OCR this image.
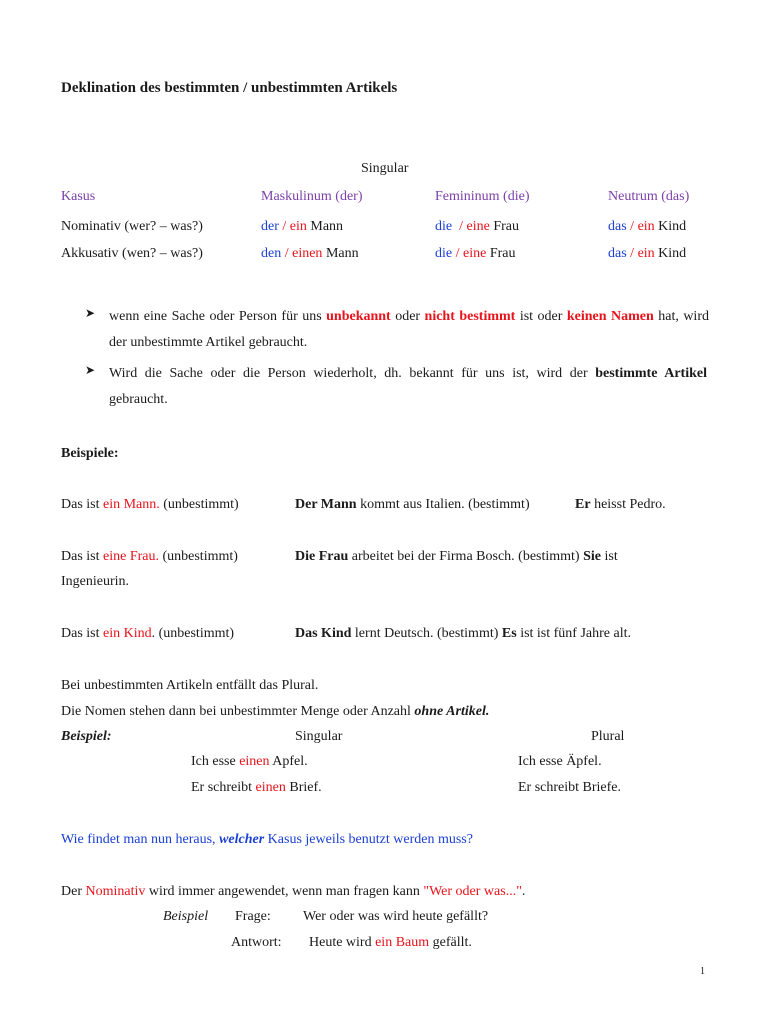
Deklination des bestimmten / unbestimmten Artikels
Singular
Kasus	Maskulinum (der)	Femininum (die)	Neutrum (das)
Nominativ (wer? – was?)	der / ein Mann	die  / eine Frau	das / ein Kind
Akkusativ (wen? – was?)	den / einen Mann	die / eine Frau	das / ein Kind
➤ wenn eine Sache oder Person für uns unbekannt oder nicht bestimmt ist oder keinen Namen hat, wird der unbestimmte Artikel gebraucht.
➤ Wird die Sache oder die Person wiederholt, dh. bekannt für uns ist, wird der bestimmte Artikel gebraucht.
Beispiele:
Das ist ein Mann. (unbestimmt)	Der Mann kommt aus Italien. (bestimmt)	Er heisst Pedro.
Das ist eine Frau. (unbestimmt)	Die Frau arbeitet bei der Firma Bosch. (bestimmt) Sie ist
Ingenieurin.
Das ist ein Kind. (unbestimmt)	Das Kind lernt Deutsch. (bestimmt) Es ist ist fünf Jahre alt.
Bei unbestimmten Artikeln entfällt das Plural.
Die Nomen stehen dann bei unbestimmter Menge oder Anzahl ohne Artikel.
Beispiel:	Singular	Plural
Ich esse einen Apfel.	Ich esse Äpfel.
Er schreibt einen Brief.	Er schreibt Briefe.
Wie findet man nun heraus, welcher Kasus jeweils benutzt werden muss?
Der Nominativ wird immer angewendet, wenn man fragen kann "Wer oder was...".
Beispiel Frage: Wer oder was wird heute gefällt?
Antwort: Heute wird ein Baum gefällt.
1
